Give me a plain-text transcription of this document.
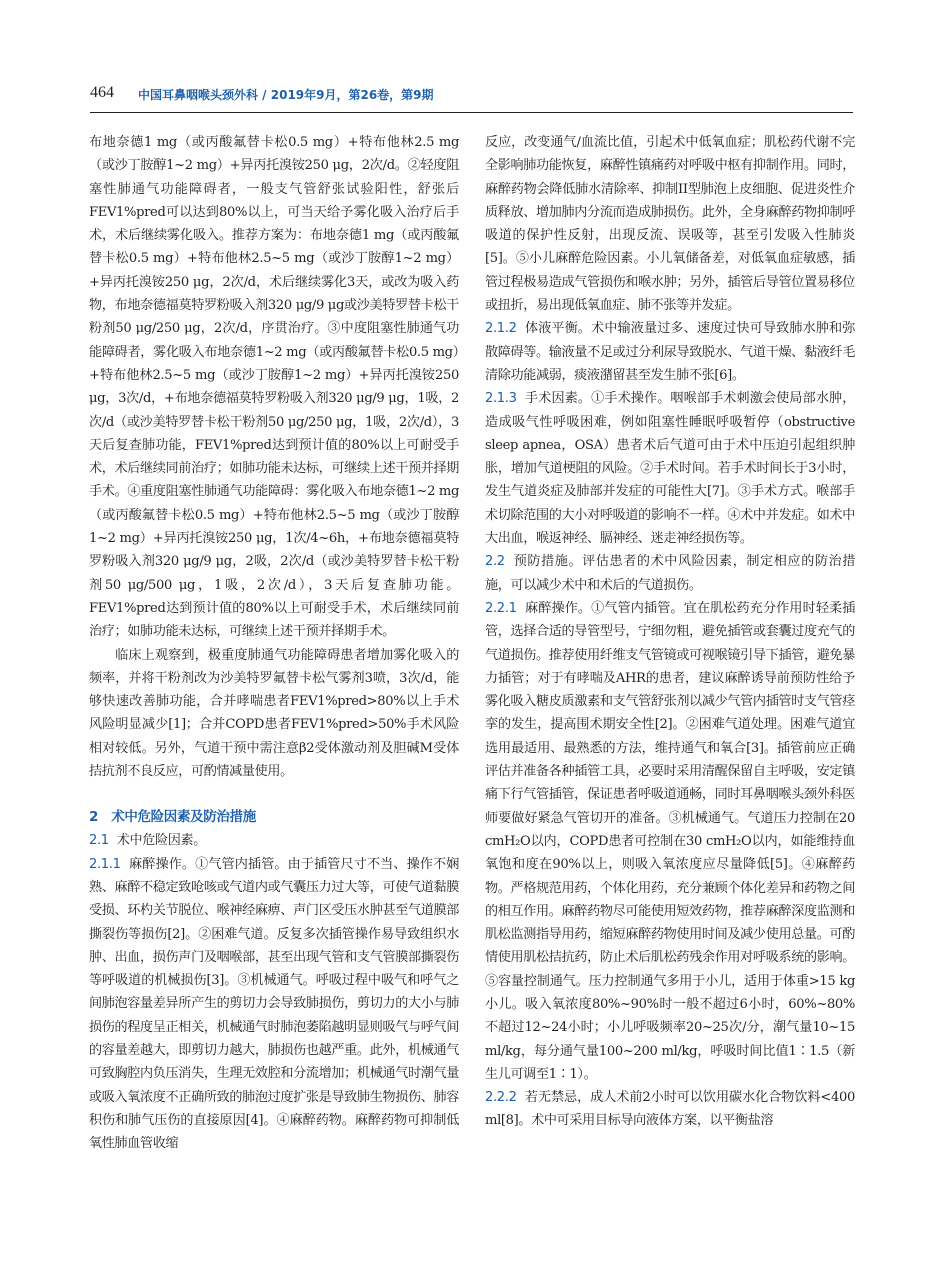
464 中国耳鼻咽喉头颈外科 / 2019年9月，第26卷，第9期

布地奈德1 mg（或丙酸氟替卡松0.5 mg）+特布他林2.5 mg（或沙丁胺醇1~2 mg）+异丙托溴铵250 μg，2次/d。②轻度阻塞性肺通气功能障碍者，一般支气管舒张试验阳性，舒张后FEV1%pred可以达到80%以上，可当天给予雾化吸入治疗后手术，术后继续雾化吸入。推荐方案为：布地奈德1 mg（或丙酸氟替卡松0.5 mg）+特布他林2.5~5 mg（或沙丁胺醇1~2 mg）+异丙托溴铵250 μg，2次/d，术后继续雾化3天，或改为吸入药物，布地奈德福莫特罗粉吸入剂320 μg/9 μg或沙美特罗替卡松干粉剂50 μg/250 μg，2次/d，序贯治疗。③中度阻塞性肺通气功能障碍者，雾化吸入布地奈德1~2 mg（或丙酸氟替卡松0.5 mg）+特布他林2.5~5 mg（或沙丁胺醇1~2 mg）+异丙托溴铵250 μg，3次/d，+布地奈德福莫特罗粉吸入剂320 μg/9 μg，1吸，2次/d（或沙美特罗替卡松干粉剂50 μg/250 μg，1吸，2次/d），3天后复查肺功能，FEV1%pred达到预计值的80%以上可耐受手术，术后继续同前治疗；如肺功能未达标，可继续上述干预并择期手术。④重度阻塞性肺通气功能障碍：雾化吸入布地奈德1~2 mg（或丙酸氟替卡松0.5 mg）+特布他林2.5~5 mg（或沙丁胺醇1~2 mg）+异丙托溴铵250 μg，1次/4~6h，+布地奈德福莫特罗粉吸入剂320 μg/9 μg，2吸，2次/d（或沙美特罗替卡松干粉剂50 μg/500 μg，1吸，2次/d），3天后复查肺功能。FEV1%pred达到预计值的80%以上可耐受手术，术后继续同前治疗；如肺功能未达标，可继续上述干预并择期手术。

临床上观察到，极重度肺通气功能障碍患者增加雾化吸入的频率，并将干粉剂改为沙美特罗氟替卡松气雾剂3喷，3次/d，能够快速改善肺功能，合并哮喘患者FEV1%pred>80%以上手术风险明显减少[1]；合并COPD患者FEV1%pred>50%手术风险相对较低。另外，气道干预中需注意β2受体激动剂及胆碱M受体拮抗剂不良反应，可酌情减量使用。

2　术中危险因素及防治措施

2.1 术中危险因素。

2.1.1 麻醉操作。①气管内插管。由于插管尺寸不当、操作不娴熟、麻醉不稳定致呛咳或气道内或气囊压力过大等，可使气道黏膜受损、环杓关节脱位、喉神经麻痹、声门区受压水肿甚至气道膜部撕裂伤等损伤[2]。②困难气道。反复多次插管操作易导致组织水肿、出血，损伤声门及咽喉部，甚至出现气管和支气管膜部撕裂伤等呼吸道的机械损伤[3]。③机械通气。呼吸过程中吸气和呼气之间肺泡容量差异所产生的剪切力会导致肺损伤，剪切力的大小与肺损伤的程度呈正相关，机械通气时肺泡萎陷越明显则吸气与呼气间的容量差越大，即剪切力越大，肺损伤也越严重。此外，机械通气可致胸腔内负压消失，生理无效腔和分流增加；机械通气时潮气量或吸入氧浓度不正确所致的肺泡过度扩张是导致肺生物损伤、肺容积伤和肺气压伤的直接原因[4]。④麻醉药物。麻醉药物可抑制低氧性肺血管收缩

反应，改变通气/血流比值，引起术中低氧血症；肌松药代谢不完全影响肺功能恢复，麻醉性镇痛药对呼吸中枢有抑制作用。同时，麻醉药物会降低肺水清除率、抑制II型肺泡上皮细胞、促进炎性介质释放、增加肺内分流而造成肺损伤。此外，全身麻醉药物抑制呼吸道的保护性反射，出现反流、误吸等，甚至引发吸入性肺炎[5]。⑤小儿麻醉危险因素。小儿氧储备差，对低氧血症敏感，插管过程极易造成气管损伤和喉水肿；另外，插管后导管位置易移位或扭折，易出现低氧血症、肺不张等并发症。

2.1.2 体液平衡。术中输液量过多、速度过快可导致肺水肿和弥散障碍等。输液量不足或过分利尿导致脱水、气道干燥、黏液纤毛清除功能减弱，痰液潴留甚至发生肺不张[6]。

2.1.3 手术因素。①手术操作。咽喉部手术刺激会使局部水肿，造成吸气性呼吸困难，例如阻塞性睡眠呼吸暂停（obstructive sleep apnea，OSA）患者术后气道可由于术中压迫引起组织肿胀，增加气道梗阻的风险。②手术时间。若手术时间长于3小时，发生气道炎症及肺部并发症的可能性大[7]。③手术方式。喉部手术切除范围的大小对呼吸道的影响不一样。④术中并发症。如术中大出血，喉返神经、膈神经、迷走神经损伤等。

2.2 预防措施。评估患者的术中风险因素，制定相应的防治措施，可以减少术中和术后的气道损伤。

2.2.1 麻醉操作。①气管内插管。宜在肌松药充分作用时轻柔插管，选择合适的导管型号，宁细勿粗，避免插管或套囊过度充气的气道损伤。推荐使用纤维支气管镜或可视喉镜引导下插管，避免暴力插管；对于有哮喘及AHR的患者，建议麻醉诱导前预防性给予雾化吸入糖皮质激素和支气管舒张剂以减少气管内插管时支气管痉挛的发生，提高围术期安全性[2]。②困难气道处理。困难气道宜选用最适用、最熟悉的方法，维持通气和氧合[3]。插管前应正确评估并准备各种插管工具，必要时采用清醒保留自主呼吸，安定镇痛下行气管插管，保证患者呼吸道通畅，同时耳鼻咽喉头颈外科医师要做好紧急气管切开的准备。③机械通气。气道压力控制在20 cmH₂O以内，COPD患者可控制在30 cmH₂O以内，如能维持血氧饱和度在90%以上，则吸入氧浓度应尽量降低[5]。④麻醉药物。严格规范用药，个体化用药，充分兼顾个体化差异和药物之间的相互作用。麻醉药物尽可能使用短效药物，推荐麻醉深度监测和肌松监测指导用药，缩短麻醉药物使用时间及减少使用总量。可酌情使用肌松拮抗药，防止术后肌松药残余作用对呼吸系统的影响。⑤容量控制通气。压力控制通气多用于小儿，适用于体重>15 kg小儿。吸入氧浓度80%~90%时一般不超过6小时，60%~80%不超过12~24小时；小儿呼吸频率20~25次/分，潮气量10~15 ml/kg，每分通气量100~200 ml/kg，呼吸时间比值1∶1.5（新生儿可调至1∶1）。

2.2.2 若无禁忌，成人术前2小时可以饮用碳水化合物饮料<400 ml[8]。术中可采用目标导向液体方案，以平衡盐溶
